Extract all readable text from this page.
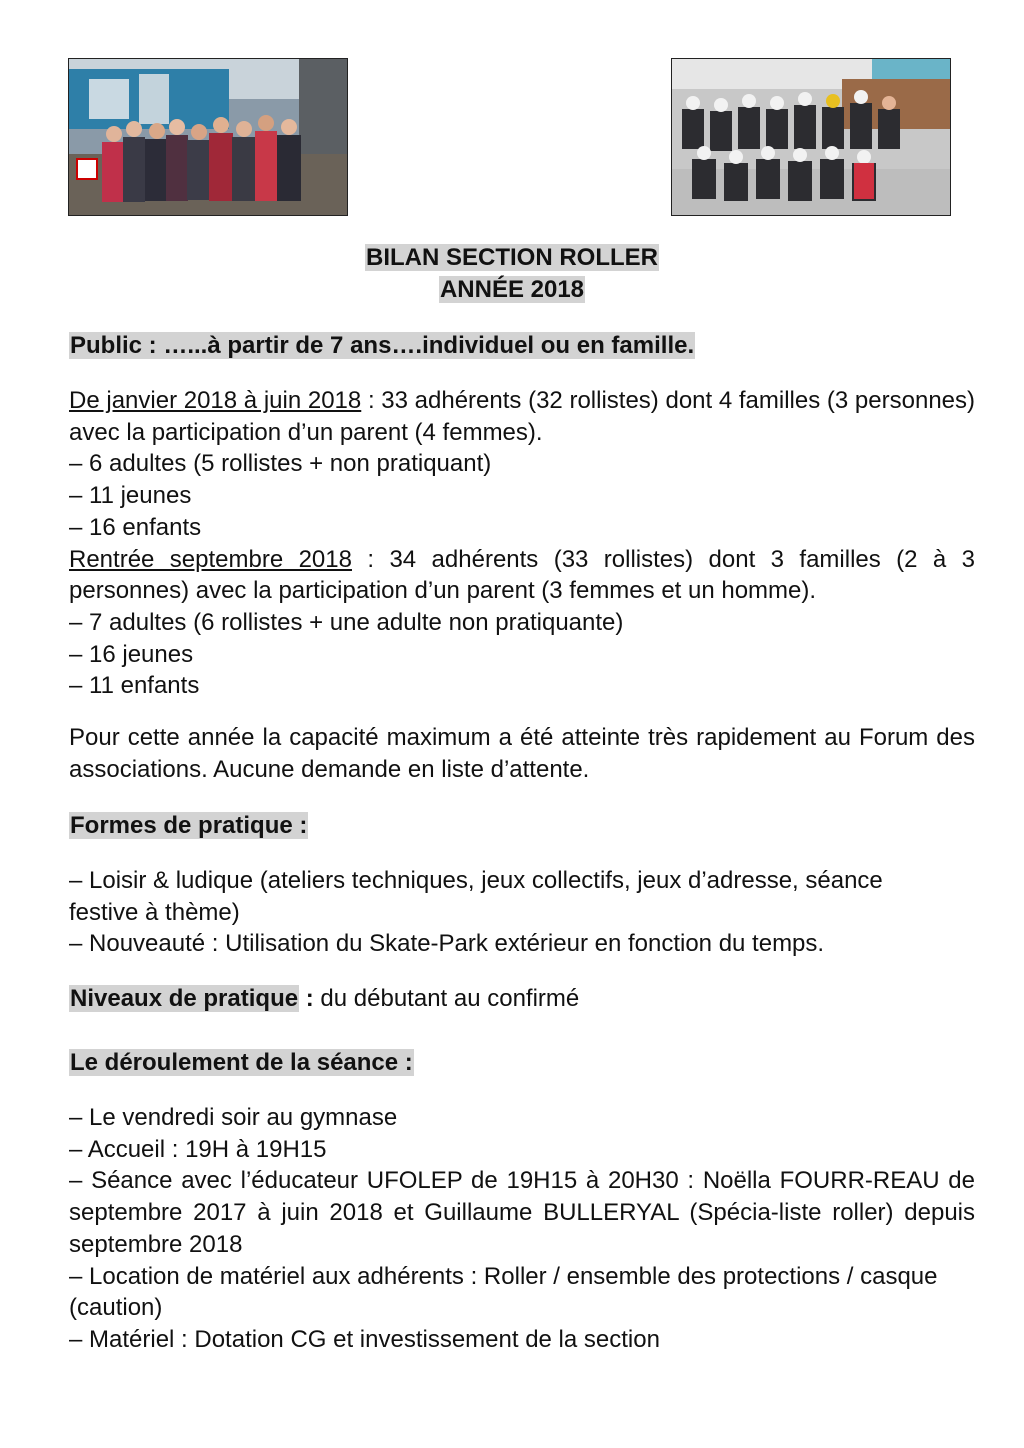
BILAN SECTION ROLLER
ANNÉE 2018
Public : …...à partir de 7 ans….individuel ou en famille.

De janvier 2018 à juin 2018 : 33 adhérents (32 rollistes) dont 4 familles (3 personnes) avec la participation d’un parent (4 femmes).

– 6 adultes (5 rollistes + non pratiquant)

– 11 jeunes

– 16 enfants

Rentrée septembre 2018 : 34 adhérents (33 rollistes) dont 3 familles (2 à 3 personnes) avec la participation d’un parent (3 femmes et un homme).

– 7 adultes (6 rollistes + une adulte non pratiquante)

– 16 jeunes

– 11 enfants

Pour cette année la capacité maximum a été atteinte très rapidement au Forum des associations. Aucune demande en liste d’attente.
Formes de pratique :

– Loisir & ludique (ateliers techniques, jeux collectifs, jeux d’adresse, séance festive à thème)

– Nouveauté : Utilisation du Skate-Park extérieur en fonction du temps.

Niveaux de pratique : du débutant au confirmé
Le déroulement de la séance :

– Le vendredi soir au gymnase

– Accueil : 19H à 19H15

– Séance avec l’éducateur UFOLEP de 19H15 à 20H30 : Noëlla FOURR-REAU de septembre 2017 à juin 2018 et Guillaume BULLERYAL (Spécia-liste roller) depuis septembre 2018

– Location de matériel aux adhérents : Roller / ensemble des protections / casque (caution)

– Matériel : Dotation CG et investissement de la section
